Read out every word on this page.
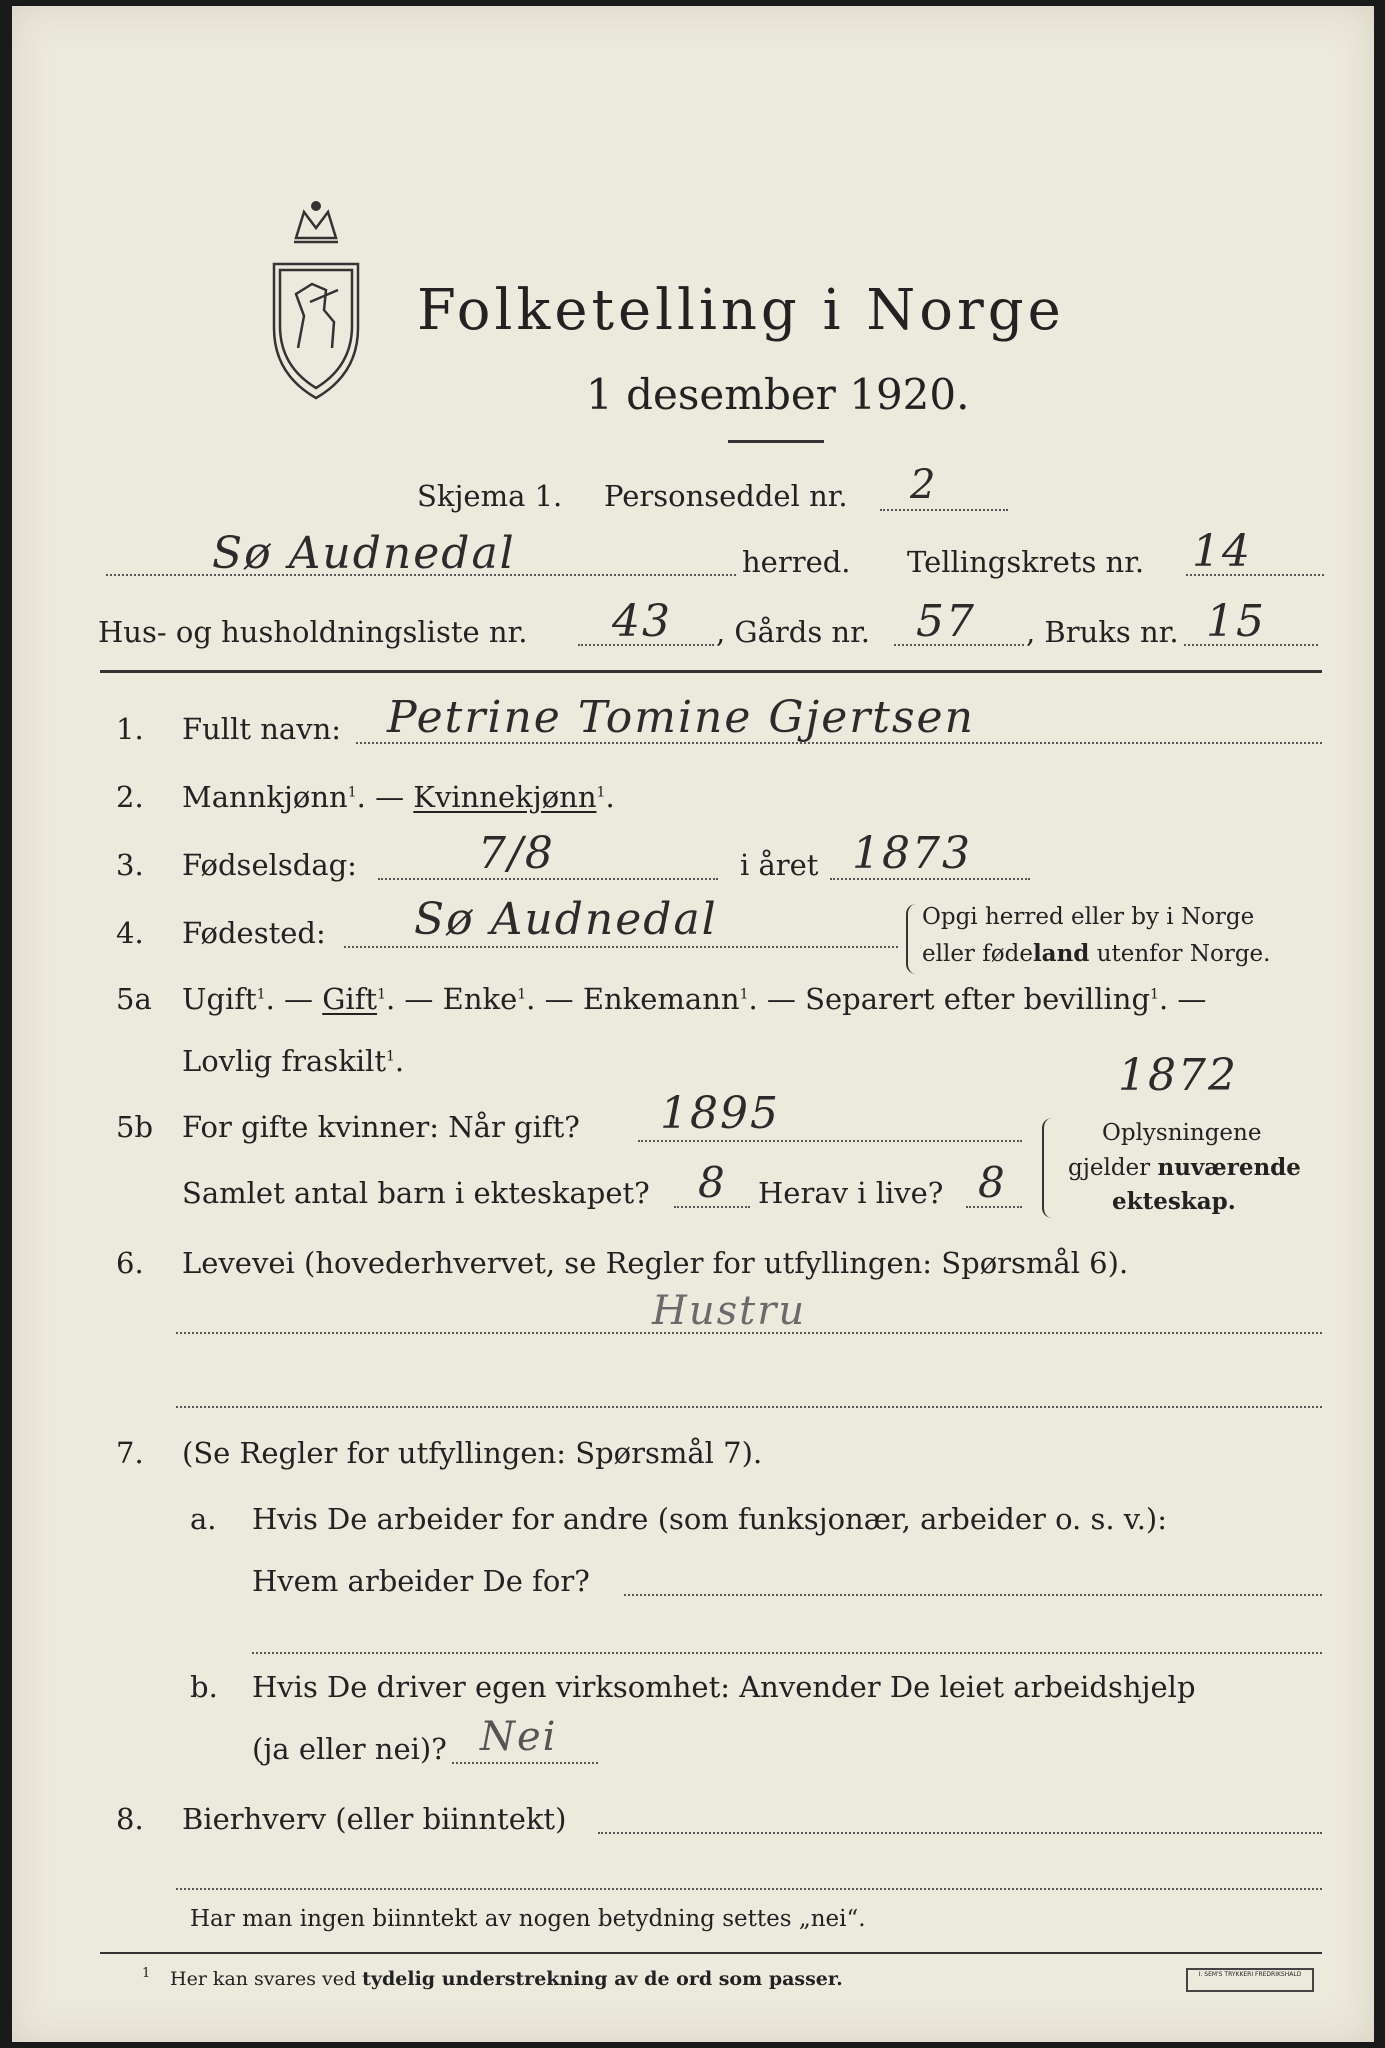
Folketelling i Norge
1 desember 1920.
Skjema 1. Personseddel nr. 2
Sø Audnedal	herred. Tellingskrets nr. 14
Hus- og husholdningsliste nr. 43 , Gårds nr. 57 , Bruks nr. 15
1. Fullt navn: Petrine Tomine Gjertsen
2. Mannkjønn$^1$. — Kvinnekjønn$^1$.
3. Fødselsdag:	7/8	i året 1873
4. Fødested: Sø Audnedal	Opgi herred eller by i Norge
eller fødeland utenfor Norge.
5a Ugift$^1$. — Gift$^1$. — Enke$^1$. — Enkemann$^1$. — Separert efter bevilling$^1$. —
Lovlig fraskilt$^1$.
5b For gifte kvinner: Når gift? 1895
1872
Samlet antal barn i ekteskapet? 8 Herav i live? 8
Oplysningene
gjelder nuværende
ekteskap.
6. Levevei (hovederhvervet, se Regler for utfyllingen: Spørsmål 6).
Hustru
7. (Se Regler for utfyllingen: Spørsmål 7).
a. Hvis De arbeider for andre (som funksjonær, arbeider o. s. v.):
Hvem arbeider De for?
b. Hvis De driver egen virksomhet: Anvender De leiet arbeidshjelp
(ja eller nei)? Nei
8. Bierhverv (eller biinntekt)
Har man ingen biinntekt av nogen betydning settes „nei“.
1 Her kan svares ved tydelig understrekning av de ord som passer.	I. SEM'S TRYKKERI FREDRIKSHALD
